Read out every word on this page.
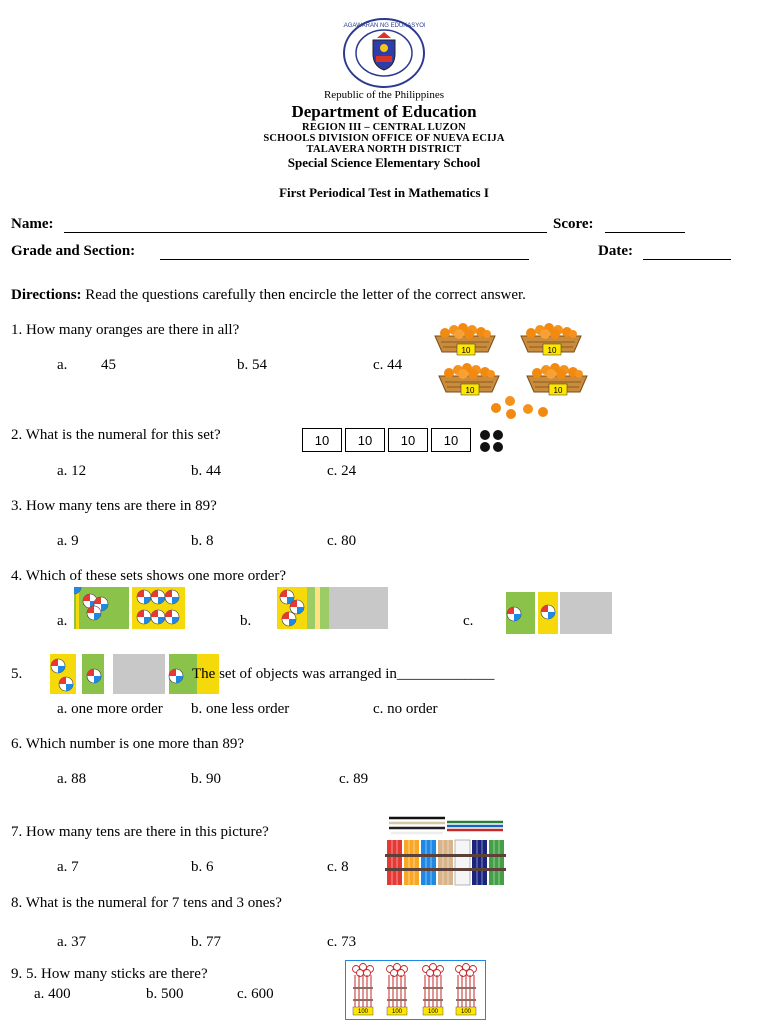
KAGAWARAN NG EDUKASYON
Republic of the Philippines
Department of Education
REGION III – CENTRAL LUZON
SCHOOLS DIVISION OFFICE OF NUEVA ECIJA
TALAVERA NORTH DISTRICT
Special Science Elementary School
First Periodical Test in Mathematics I
Name:	Score:
Grade and Section:	Date:
Directions: Read the questions carefully then encircle the letter of the correct answer.
1. How many oranges are there in all?
a. 45	b. 54	c. 44
10	10
10	10
2. What is the numeral for this set?	10	10	10	10
a. 12	b. 44	c. 24
3. How many tens are there in 89?
a. 9	b. 8	c. 80
4. Which of these sets shows one more order?
a.	b.	c.
5.	The set of objects was arranged in_____________
a. one more order b. one less order	c. no order
6. Which number is one more than 89?
a. 88	b. 90	c. 89
7. How many tens are there in this picture?
a. 7	b. 6	c. 8
8. What is the numeral for 7 tens and 3 ones?
a. 37	b. 77	c. 73
9. 5. How many sticks are there?
a. 400	b. 500	c. 600
100	100	100	100
